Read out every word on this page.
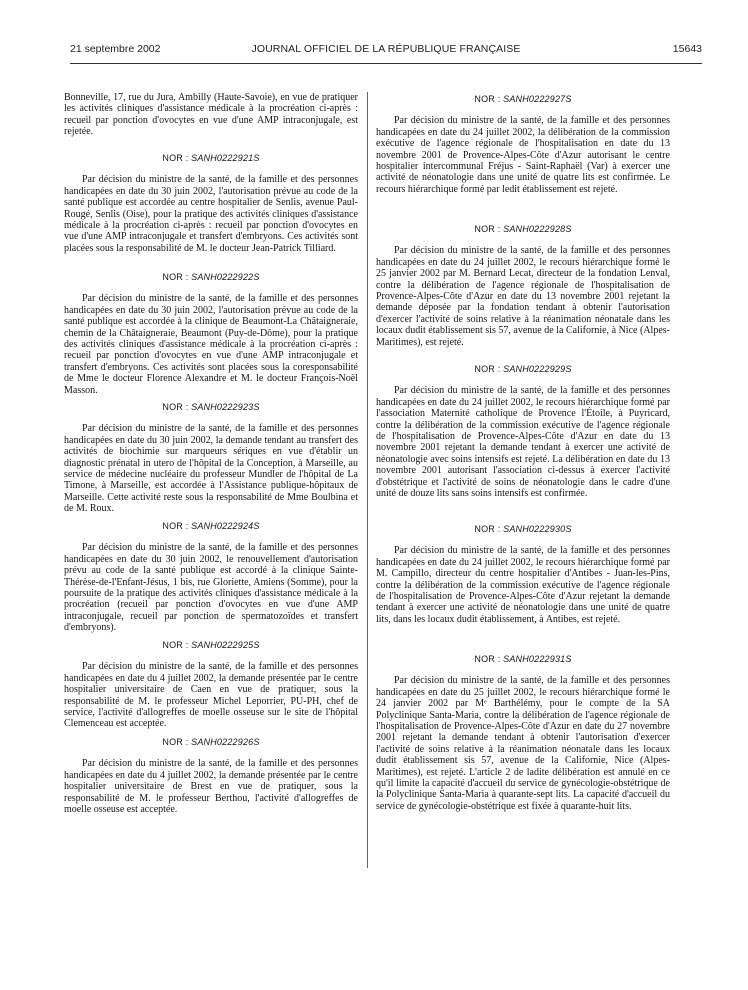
21 septembre 2002	JOURNAL OFFICIEL DE LA RÉPUBLIQUE FRANÇAISE	15643

Bonneville, 17, rue du Jura, Ambilly (Haute-Savoie), en vue de pratiquer les activités cliniques d'assistance médicale à la procréation ci-après : recueil par ponction d'ovocytes en vue d'une AMP intraconjugale, est rejetée.

NOR : SANH0222921S

Par décision du ministre de la santé, de la famille et des personnes handicapées en date du 30 juin 2002, l'autorisation prévue au code de la santé publique est accordée au centre hospitalier de Senlis, avenue Paul-Rougé, Senlis (Oise), pour la pratique des activités cliniques d'assistance médicale à la procréation ci-après : recueil par ponction d'ovocytes en vue d'une AMP intraconjugale et transfert d'embryons. Ces activités sont placées sous la responsabilité de M. le docteur Jean-Patrick Tilliard.

NOR : SANH0222922S

Par décision du ministre de la santé, de la famille et des personnes handicapées en date du 30 juin 2002, l'autorisation prévue au code de la santé publique est accordée à la clinique de Beaumont-La Châtaigneraie, chemin de la Châtaigneraie, Beaumont (Puy-de-Dôme), pour la pratique des activités cliniques d'assistance médicale à la procréation ci-après : recueil par ponction d'ovocytes en vue d'une AMP intraconjugale et transfert d'embryons. Ces activités sont placées sous la coresponsabilité de Mme le docteur Florence Alexandre et M. le docteur François-Noël Masson.

NOR : SANH0222923S

Par décision du ministre de la santé, de la famille et des personnes handicapées en date du 30 juin 2002, la demande tendant au transfert des activités de biochimie sur marqueurs sériques en vue d'établir un diagnostic prénatal in utero de l'hôpital de la Conception, à Marseille, au service de médecine nucléaire du professeur Mundler de l'hôpital de La Timone, à Marseille, est accordée à l'Assistance publique-hôpitaux de Marseille. Cette activité reste sous la responsabilité de Mme Boulbina et de M. Roux.

NOR : SANH0222924S

Par décision du ministre de la santé, de la famille et des personnes handicapées en date du 30 juin 2002, le renouvellement d'autorisation prévu au code de la santé publique est accordé à la clinique Sainte-Thérèse-de-l'Enfant-Jésus, 1 bis, rue Gloriette, Amiens (Somme), pour la poursuite de la pratique des activités cliniques d'assistance médicale à la procréation (recueil par ponction d'ovocytes en vue d'une AMP intraconjugale, recueil par ponction de spermatozoïdes et transfert d'embryons).

NOR : SANH0222925S

Par décision du ministre de la santé, de la famille et des personnes handicapées en date du 4 juillet 2002, la demande présentée par le centre hospitalier universitaire de Caen en vue de pratiquer, sous la responsabilité de M. le professeur Michel Leporrier, PU-PH, chef de service, l'activité d'allogreffes de moelle osseuse sur le site de l'hôpital Clemenceau est acceptée.

NOR : SANH0222926S

Par décision du ministre de la santé, de la famille et des personnes handicapées en date du 4 juillet 2002, la demande présentée par le centre hospitalier universitaire de Brest en vue de pratiquer, sous la responsabilité de M. le professeur Berthou, l'activité d'allogreffes de moelle osseuse est acceptée.

NOR : SANH0222927S

Par décision du ministre de la santé, de la famille et des personnes handicapées en date du 24 juillet 2002, la délibération de la commission exécutive de l'agence régionale de l'hospitalisation en date du 13 novembre 2001 de Provence-Alpes-Côte d'Azur autorisant le centre hospitalier intercommunal Fréjus - Saint-Raphaël (Var) à exercer une activité de néonatologie dans une unité de quatre lits est confirmée. Le recours hiérarchique formé par ledit établissement est rejeté.

NOR : SANH0222928S

Par décision du ministre de la santé, de la famille et des personnes handicapées en date du 24 juillet 2002, le recours hiérarchique formé le 25 janvier 2002 par M. Bernard Lecat, directeur de la fondation Lenval, contre la délibération de l'agence régionale de l'hospitalisation de Provence-Alpes-Côte d'Azur en date du 13 novembre 2001 rejetant la demande déposée par la fondation tendant à obtenir l'autorisation d'exercer l'activité de soins relative à la réanimation néonatale dans les locaux dudit établissement sis 57, avenue de la Californie, à Nice (Alpes-Maritimes), est rejeté.

NOR : SANH0222929S

Par décision du ministre de la santé, de la famille et des personnes handicapées en date du 24 juillet 2002, le recours hiérarchique formé par l'association Maternité catholique de Provence l'Étoile, à Puyricard, contre la délibération de la commission exécutive de l'agence régionale de l'hospitalisation de Provence-Alpes-Côte d'Azur en date du 13 novembre 2001 rejetant la demande tendant à exercer une activité de néonatologie avec soins intensifs est rejeté. La délibération en date du 13 novembre 2001 autorisant l'association ci-dessus à exercer l'activité d'obstétrique et l'activité de soins de néonatologie dans le cadre d'une unité de douze lits sans soins intensifs est confirmée.

NOR : SANH0222930S

Par décision du ministre de la santé, de la famille et des personnes handicapées en date du 24 juillet 2002, le recours hiérarchique formé par M. Campillo, directeur du centre hospitalier d'Antibes - Juan-les-Pins, contre la délibération de la commission exécutive de l'agence régionale de l'hospitalisation de Provence-Alpes-Côte d'Azur rejetant la demande tendant à exercer une activité de néonatologie dans une unité de quatre lits, dans les locaux dudit établissement, à Antibes, est rejeté.

NOR : SANH0222931S

Par décision du ministre de la santé, de la famille et des personnes handicapées en date du 25 juillet 2002, le recours hiérarchique formé le 24 janvier 2002 par Mᵉ Barthélémy, pour le compte de la SA Polyclinique Santa-Maria, contre la délibération de l'agence régionale de l'hospitalisation de Provence-Alpes-Côte d'Azur en date du 27 novembre 2001 rejetant la demande tendant à obtenir l'autorisation d'exercer l'activité de soins relative à la réanimation néonatale dans les locaux dudit établissement sis 57, avenue de la Californie, Nice (Alpes-Maritimes), est rejeté. L'article 2 de ladite délibération est annulé en ce qu'il limite la capacité d'accueil du service de gynécologie-obstétrique de la Polyclinique Santa-Maria à quarante-sept lits. La capacité d'accueil du service de gynécologie-obstétrique est fixée à quarante-huit lits.
